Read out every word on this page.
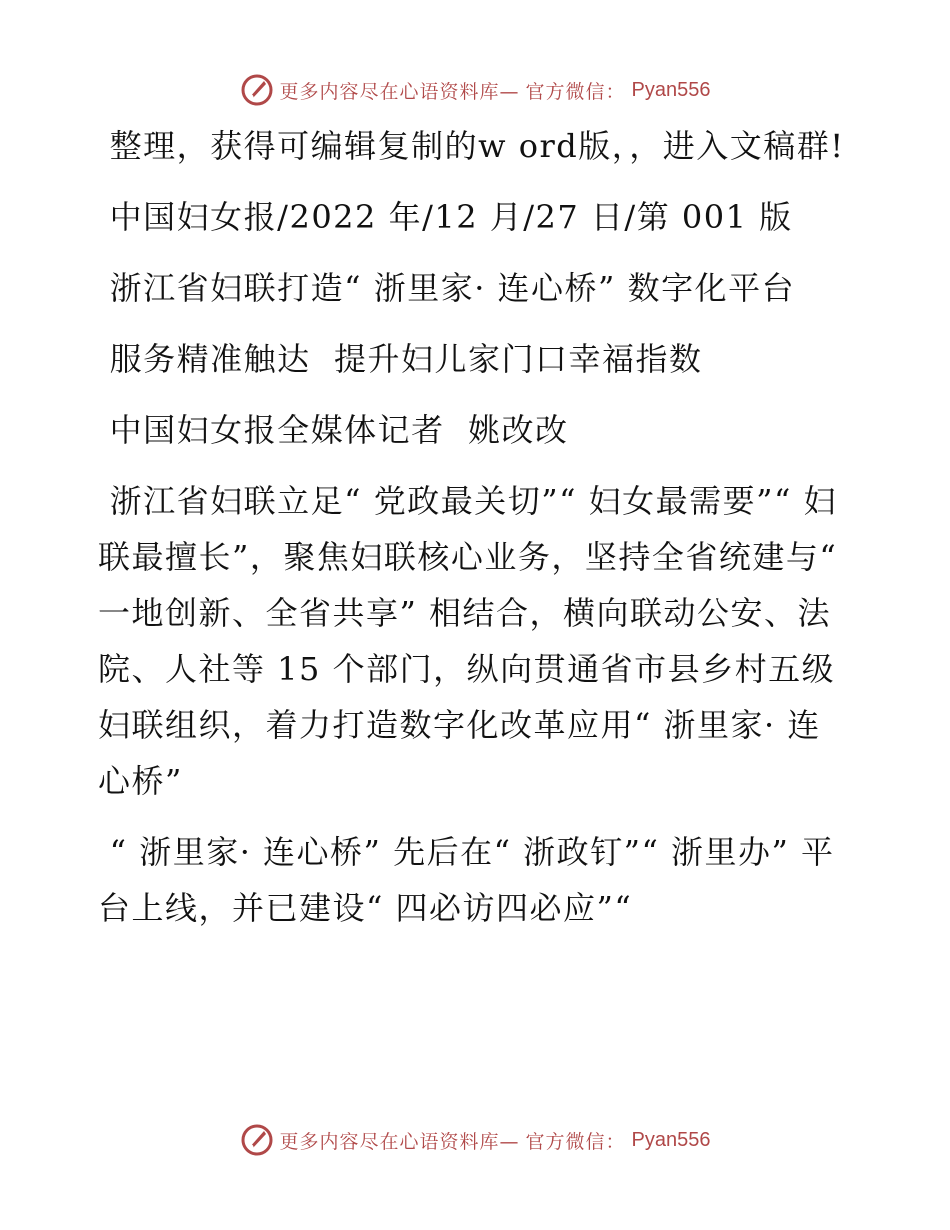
更多内容尽在心语资料库— 官方微信： Pyan556

整理，获得可编辑复制的w ord版，，进入文稿群!

中国妇女报/2022 年/12 月/27 日/第 001 版

浙江省妇联打造“ 浙里家· 连心桥” 数字化平台

服务精准触达  提升妇儿家门口幸福指数

中国妇女报全媒体记者  姚改改

浙江省妇联立足“ 党政最关切”“ 妇女最需要”“ 妇联最擅长”，聚焦妇联核心业务，坚持全省统建与“ 一地创新、全省共享” 相结合，横向联动公安、法院、人社等 15 个部门，纵向贯通省市县乡村五级妇联组织，着力打造数字化改革应用“ 浙里家· 连心桥”

“ 浙里家· 连心桥” 先后在“ 浙政钉”“ 浙里办” 平台上线，并已建设“ 四必访四必应”“

更多内容尽在心语资料库— 官方微信： Pyan556
